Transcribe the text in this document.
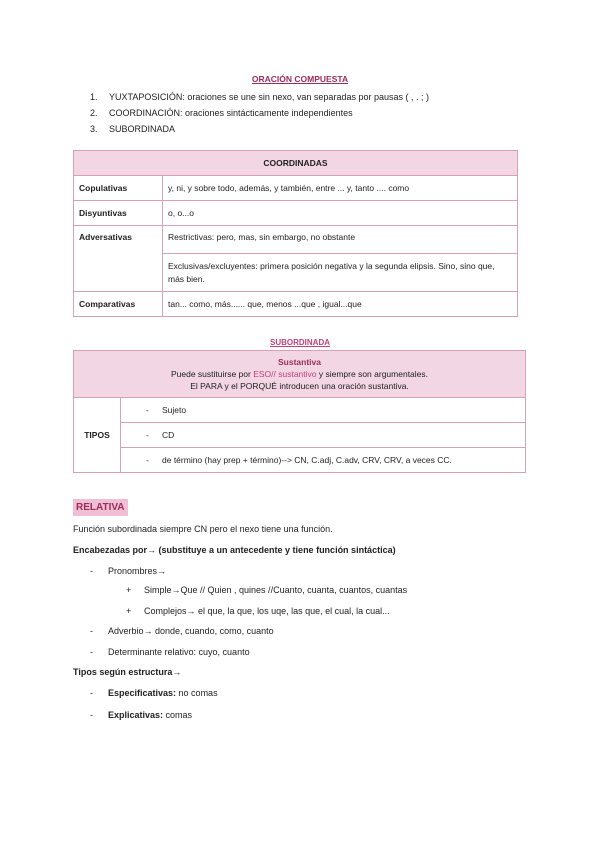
ORACIÓN COMPUESTA
1. YUXTAPOSICIÓN: oraciones se une sin nexo, van separadas por pausas ( , . ; )
2. COORDINACIÓN: oraciones sintácticamente independientes
3. SUBORDINADA
COORDINADAS	
Copulativas	y, ni, y sobre todo, además, y también, entre ... y, tanto .... como
Disyuntivas	o, o...o
Adversativas	Restrictivas: pero, mas, sin embargo, no obstante
	Exclusivas/excluyentes: primera posición negativa y la segunda elipsis. Sino, sino que, más bien.
Comparativas	tan... como, más...... que, menos ...que , igual...que
SUBORDINADA
Sustantiva
Puede sustituirse por ESO// sustantivo y siempre son argumentales.
El PARA y el PORQUÉ introducen una oración sustantiva.

TIPOS	- Sujeto
- CD
- de término (hay prep + término)--> CN, C.adj, C.adv, CRV, CRV, a veces CC.
RELATIVA
Función subordinada siempre CN pero el nexo tiene una función.
Encabezadas por→ (substituye a un antecedente y tiene función sintáctica)
- Pronombres→
+ Simple→Que // Quien , quines //Cuanto, cuanta, cuantos, cuantas
+ Complejos→ el que, la que, los uqe, las que, el cual, la cual...
- Adverbio→ donde, cuando, como, cuanto
- Determinante relativo: cuyo, cuanto
Tipos según estructura→
- Especificativas: no comas
- Explicativas: comas
